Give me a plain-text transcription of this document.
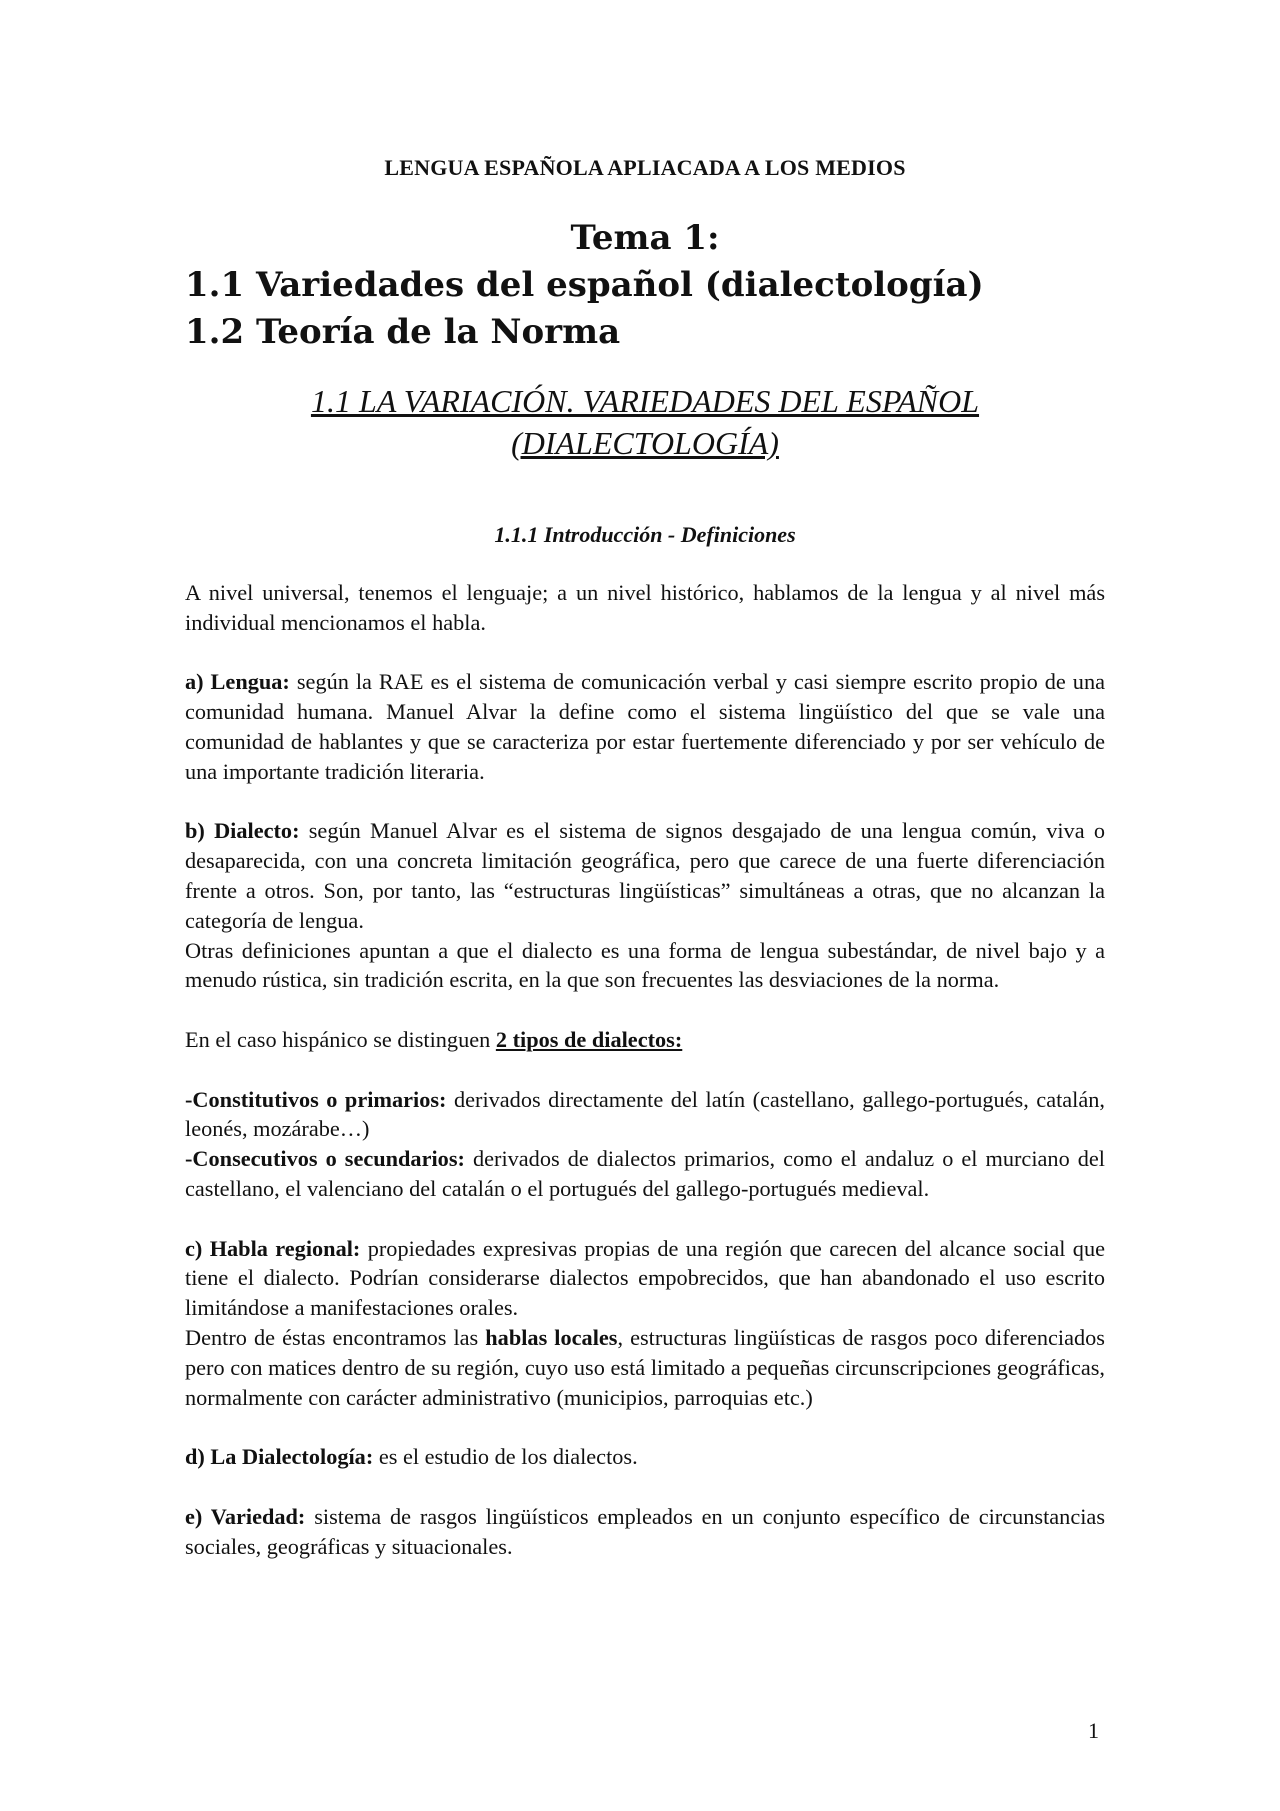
LENGUA ESPAÑOLA APLIACADA A LOS MEDIOS
Tema 1:
1.1 Variedades del español (dialectología)
1.2 Teoría de la Norma
1.1 LA VARIACIÓN. VARIEDADES DEL ESPAÑOL
(DIALECTOLOGÍA)
1.1.1 Introducción - Definiciones

A nivel universal, tenemos el lenguaje; a un nivel histórico, hablamos de la lengua y al nivel más individual mencionamos el habla.

a) Lengua: según la RAE es el sistema de comunicación verbal y casi siempre escrito propio de una comunidad humana. Manuel Alvar la define como el sistema lingüístico del que se vale una comunidad de hablantes y que se caracteriza por estar fuertemente diferenciado y por ser vehículo de una importante tradición literaria.

b) Dialecto: según Manuel Alvar es el sistema de signos desgajado de una lengua común, viva o desaparecida, con una concreta limitación geográfica, pero que carece de una fuerte diferenciación frente a otros. Son, por tanto, las “estructuras lingüísticas” simultáneas a otras, que no alcanzan la categoría de lengua.

Otras definiciones apuntan a que el dialecto es una forma de lengua subestándar, de nivel bajo y a menudo rústica, sin tradición escrita, en la que son frecuentes las desviaciones de la norma.

En el caso hispánico se distinguen 2 tipos de dialectos:

-Constitutivos o primarios: derivados directamente del latín (castellano, gallego-portugués, catalán, leonés, mozárabe…)

-Consecutivos o secundarios: derivados de dialectos primarios, como el andaluz o el murciano del castellano, el valenciano del catalán o el portugués del gallego-portugués medieval.

c) Habla regional: propiedades expresivas propias de una región que carecen del alcance social que tiene el dialecto. Podrían considerarse dialectos empobrecidos, que han abandonado el uso escrito limitándose a manifestaciones orales.

Dentro de éstas encontramos las hablas locales, estructuras lingüísticas de rasgos poco diferenciados pero con matices dentro de su región, cuyo uso está limitado a pequeñas circunscripciones geográficas, normalmente con carácter administrativo (municipios, parroquias etc.)

d) La Dialectología: es el estudio de los dialectos.

e) Variedad: sistema de rasgos lingüísticos empleados en un conjunto específico de circunstancias sociales, geográficas y situacionales.

1
